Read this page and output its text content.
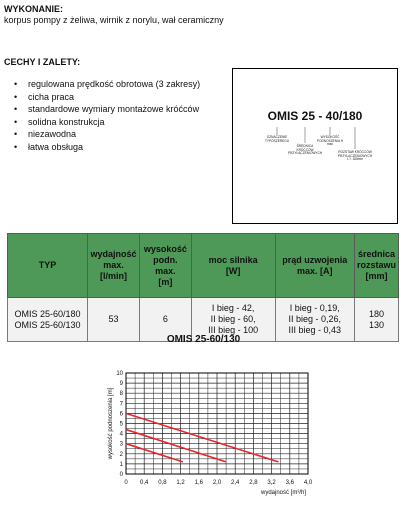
WYKONANIE:
korpus pompy z żeliwa, wirnik z norylu, wał ceramiczny
CECHY I ZALETY:
• regulowana prędkość obrotowa (3 zakresy)
• cicha praca
• standardowe wymiary montażowe króćców
• solidna konstrukcja
• niezawodna
• łatwa obsługa
OMIS 25 - 40/180
OZNACZENIE TYPOSZEREGU
ŚREDNICA KRÓĆCÓW PRZYŁĄCZENIOWYCH
WYSOKOŚĆ PODNOSZENIA H max
ROZSTAW KRÓĆCÓW PRZYŁĄCZENIOWYCH L = 180mm
TYP	wydajność
max.
[l/min]	wysokość
podn.
max.
[m]	moc silnika
[W]	prąd uzwojenia
max. [A]	średnica
rozstawu
[mm]

OMIS 25-60/180
OMIS 25-60/130	53	6	I bieg - 42,
II bieg - 60,
III bieg - 100	I bieg - 0,19,
II bieg - 0,26,
III bieg - 0,43	180
130
OMIS 25-60/130
0 0,4 0,8 1,2 1,6 2,0 2,4 2,8 3,2 3,6 4,0
0
1
2
3
4
5
6
7
8
9
10
wydajność [m³/h]
wysokość podnoszenia [m]
